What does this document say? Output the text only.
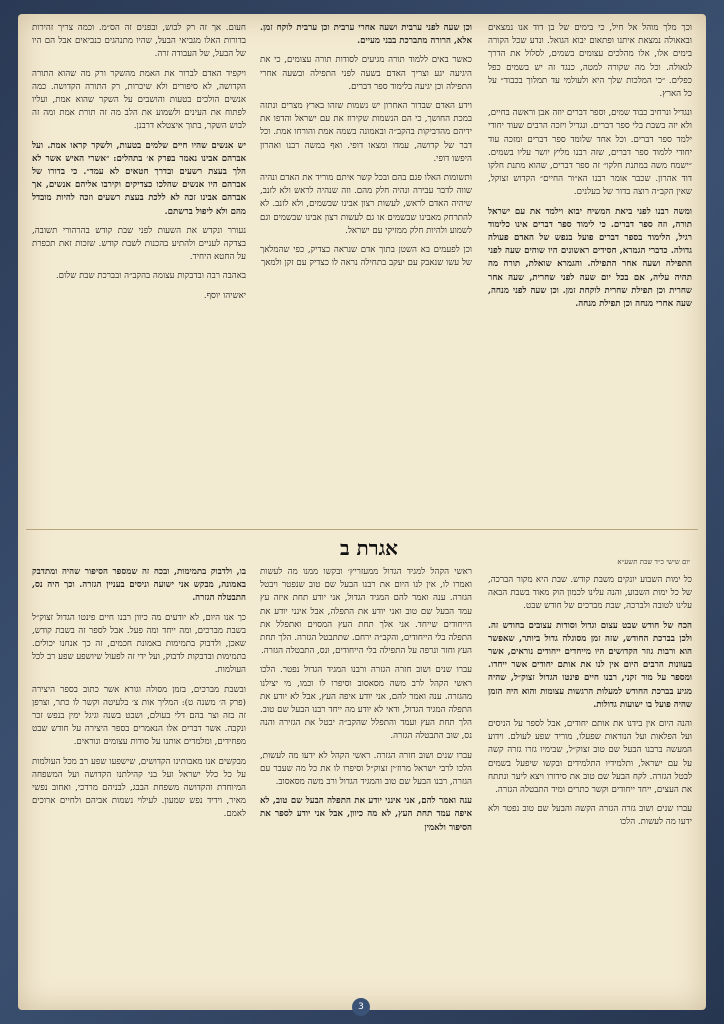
וכך מלך מוהל אל חיל, כי בימים של בן דוד אנו נמצאים ובאאולה נמצאת איתנו ופתאום יבוא הגואל. ונדע שכל הקורה בימים אלו, אלו מהלכים עצומים בשמים, לסלול את הדרך לגאולה. וכל מה שקורה למטה, כנגד זה יש בשמים כפל כפלים. ״כי המלכות שלך היא ולעולמי עד תמלוך בכבוד״ על כל הארץ.

ונגדיל ונרחיב כבוד שמים, וספר דברים יוזה אבן וראשה בחיים, ולא יזה בשבת בלי ספר דברים. ונגדיל ויזכה הרבים שעוד יחודי ילמד ספר דברים. וכל אחד שלומד ספר דברים ומזכה עוד יחודי ללמוד ספר דברים, שזה רבנו מליץ יושר עליו בשמים. ״ישמח משה במתנת חלקו״ זה ספר דברים, שהוא מתנת חלקו דוד אהרון. שכבר אומר רבנו הא״ור החיים״ הקדוש זצוקל, שאין הקב״ה רוצה בדור של בעלנים.

ומשה רבנו לפני ביאת המשיח יבוא וילמד את עם ישראל תורה, וזה ספר דברים. כי לימוד ספר דברים אינו כלימוד רגיל, הלימוד בספר דברים פועל בנפש של האדם פעולה גדולה. כדברי הגמרא, חסידים ראשונים היו שוהים שעה לפני התפילה ושעה אחר התפילה. והגמרא שואלת, תורה מה תהיה עליה, אם בכל יום שעה לפני שחרית, שעה אחר שחרית וכן תפילת שחרית לוקחת זמן. וכן שעה לפני מנחה, שעה אחרי מנחה וכן תפילת מנחה.

וכן שעה לפני ערבית ושעה אחרי ערבית וכן ערבית לוקח זמן. אלא, הרורה מתברכת בבני מעיים.

כאשר באים ללמוד תורה מגיעים לסודות תורה עצומים, כי את היגיעה יגע וצריך האדם בשעה לפני התפילה ובשעה אחרי התפילה וכן יגיעה בלימוד ספר דברים.

וידע האדם שבדור האחרון יש נשמות שזהו בארץ מצרים ונתזה במכת החושך, כי הם הנשמות שקירוז את עם ישראל והדפו את ידיהם מהדביקות בהקב״ה ובאמונה בשמה אמת והורחו אמת. וכל דבר של קדושה, עמדו ומצאו דופי. ואף במשה רבנו ואהרון היפשו דופי.

ותשומות האלו פגם בהם ובכל קשר איתם מוריד את האדם ונהיה שווה לדבר עבירה ונהיה חלק מהם. וזה שנהיה לראש ולא לזנב, שיהיה האדם לראש, לעשות רצון אבינו שבשמים, ולא לזנב. לא להתרחק מאבינו שבשמים או גם לעשות רצון אבינו שבשמים וגם לשמוע ולהיות חלק ממזיקי עם ישראל.

וכן לפעמים בא השטן בתוך אדם שנראה כצדיק, כפי שהמלאך של עשו שנאבק עם יעקב בתחילה נראה לו כצדיק עם זקן ולמאך

חעום. אך זה רק לבוש, ובפנים זה הס״מ. וכמה צריך זהירות בדורות האלו מגביאי הבעל, שהיו מתנהגים כנביאים אבל הם היו של הבעל, של העבודה זרה.

ויקפיד האדם לברור את האמת מהשקר ורק מה שהוא התורה הקדושה, לא סיפורים ולא שיכרות, רק התורה הקדושה. כמה אנשים הולכים בטעות והושבים על השקר שהוא אמת, ועליו לפתוח את העינים ולשמוע את הלב מה זה תורת אמת ומה זה לבוש השקר, בתוך איצטלא דרבנן.

יש אנשים שהיו חיים שלמים בטעות, ולשקר קראו אמת. ועל אברהם אבינו נאמר בפרק א׳ בתהלים: ״אשרי האיש אשר לא הלך בעצת רשעים ובדרך חטאים לא עמד״. כי בדורו של אברהם היו אנשים שהלכו כצדיקים וקירבו אליהם אנשים, אך אברהם אבינו זכה לא ללכת בעצת רשעים וזכה להיות מובדל מהם ולא ליפול ברשתם.

נעורר ונקדש את השעות לפני שבת קודש בהרהורי תשובה, בצדקה לעניים ולהתיע בהכנות לשבת קודש. שזכות זאת תכפרת על החטא היחיד.

באהבה רבה ובדבקות עצומה בהקב״ה ובברכת שבת שלום.

יאשיהו יוסף.

אגרת ב
יום שישי כ״ד שבת תשע״א

כל ימות השבוע יונקים משבת קודש. שבת היא מקור הברכה, של כל ימות השבוע, והנה עלינו לכמון הוק מאוד בשבת הבאה עלינו לטובה ולברכה, שבת מברכים של חודש שבט.

הכח של חודש שבט עצום וגדול וסודות עצובים בחודש זה. ולכן בברכת החודש, שזה זמן מסוגלה גדול ביותר, שאפשר הוא ורבות גוזר הקדושים היו מייחדים ייחודים נוראים, אשר בעוונות הרבים היום אין לנו את אותם יחודים אשר ייחדו. ומספר על מור זקני, רבנו חיים פינטו הגדול זצוק״ל, שהיה מגיע בברכת החודש למעלות הרגשות עצומות והוא היה הזמן שהיה פועל בו ישועות גדולות.

והנה היום אין בידנו את אותם יחודים, אבל לספר על הניסים ועל הפלאות ועל הנוראות שפעלו, מוריד שפע לעולם. וידוע המעשה ברבנו הבעל שם טוב זצוק״ל, שבימיו גזרו גזרה קשה על עם ישראל, ותלמידיו התלמידים ובקשו שיפעל בשמים לבטל הגזרה. לקח הבעל שם טוב את סידורו ויצא ליער ונתתח את העצים, ייחד ייחודים וקשר כתרים ומיד התבטלה הגזרה.

עברו שנים ושוב גזרה הגזרה הקשה והבעל שם טוב נפטר ולא ידעו מה לעשות. הלכו

ראשי הקהל למגיד הגדול ממעזריץ׳ ובקשו ממנו מה לעשות ואמרו לו, אין לנו היום את רבנו הבעל שם טוב שנפטר ויבטל הגזרה. ענה ואמר להם המגיד הגדול, אני יודע תחת איזה עץ עמד הבעל שם טוב ואני יודע את התפלה, אבל אינני יודע את הייחודים שייחד. אני אלך תחת העץ המסוים ואתפלל את התפלה בלי הייחודים, והקב״ה ירחם. שתתבטל הגזרה. הלך תחת העץ וחזר ונרפה על התפילה בלי הייחודים, ונס, התבטלה הגזרה.

עברו שנים ושוב חזרה הגזרה ורבנו המגיד הגדול נפטר. הלכו ראשי הקהל לרב משה מסאסוב וסיפרו לו וכמו, מי יצילנו מהגזרה. ענה ואמר להם, אני יודע איפה העץ, אבל לא יודע את התפלה המגיד הגדול, ודאי לא יודע מה ייחד רבנו הבעל שם טוב. הלך תחת העץ ועמד והתפלל שהקב״ה יבטל את הגזירה והנה נס, שוב התבטלה הגזרה.

עברו שנים ושוב חזרה הגזרה. ראשי הקהל לא ידעו מה לעשות, הלכו לרבי ישראל מרוז׳ין זצוק״ל וסיפרו לו את כל מה שעבר עם הגזרה, רבנו הבעל שם טוב והמגיד הגדול ורב משה מסאסוב.

ענה ואמר להם, אני אינני יודע את התפלה הבעל שם טוב, לא איפה עמד תחת העץ, לא מה כיוון, אבל אני יודע לספר את הסיפור ולאמין

בו, ולדבוק בתמימות, ובכח זה שמספר הסיפור שהיה ומתדבק באמונה, מבקש אני ישועה וניסים בעניין הגזרה. וכך היה נס, התבטלה הגזרה.

כך אנו היום, לא יודעים מה כיוון רבנו חיים פינטו הגדול זצוק״ל בשבת מברכים, ומה ייחד ומה פעל. אבל לספר זה בשבת קודש, שאכן, ולדבוק בתמימות באמונת חכמים, זה כך אנחנו יכולים. בתמימות ובדבקות לדבוק, ועל ידי זה לפעול שיושפע שפע רב לכל העולמות.

ובשבת מברכים, בזמן מסולה וגורא אשר כתוב בספר היצירה (פרק ה׳ משנה ט): המליך אות צ׳ בלעיטה וקשר לו כתר, וצרפן זה בזה וצר בהם דלי בעולם, ושבט בשנה וגיגל ימין בנפש זכר ונקבה. אשר דברים אלו הנאמרים בספר היצירה על חודש שבט מפחידים, ומלמדים אותנו על סודות עצומים ונוראים.

מבקשים אנו מאבותינו הקדושים, שישפעו שפע רב מכל העולמות על כל כלל ישראל ועל בני קהילתנו הקדושה ועל המשפחה המיוחדת והקדושה משפחת הבבג, לבניהם מרדכי, ואחוב נפשי מאיר, וידיד נפש שמעון. לעילוי נשמות אביהם ולחיים ארוכים לאמם.

3
